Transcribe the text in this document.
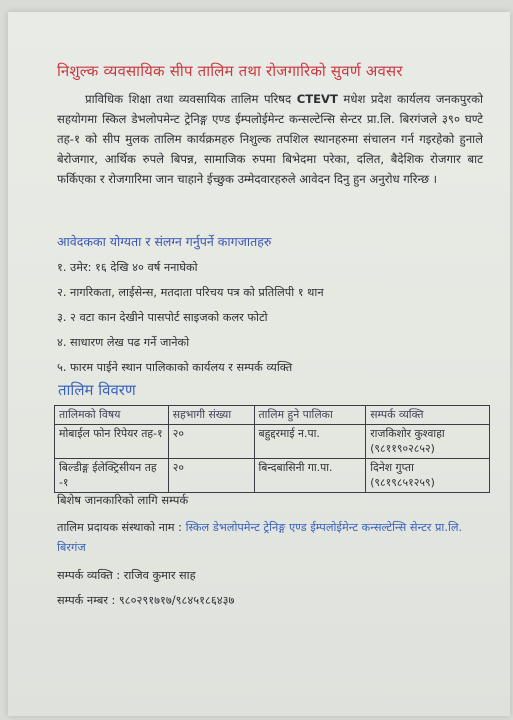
निशुल्क व्यवसायिक सीप तालिम तथा रोजगारिको सुवर्ण अवसर
प्राविधिक शिक्षा तथा व्यवसायिक तालिम परिषद CTEVT मधेश प्रदेश कार्यलय जनकपुरको सहयोगमा स्किल डेभलोपमेन्ट ट्रेनिङ्ग एण्ड ईम्पलोईमेन्ट कन्सल्टेन्सि सेन्टर प्रा.लि. बिरगंजले ३९० घण्टे तह-१ को सीप मुलक तालिम कार्यक्रमहरु निशुल्क तपशिल स्थानहरुमा संचालन गर्न गइरहेको हुनाले बेरोजगार, आर्थिक रुपले बिपन्न, सामाजिक रुपमा बिभेदमा परेका, दलित, बैदेशिक रोजगार बाट फर्किएका र रोजगारिमा जान चाहाने ईच्छुक उम्मेदवारहरुले आवेदन दिनु हुन अनुरोध गरिन्छ ।
आवेदकका योग्यता र संलग्न गर्नुपर्ने कागजातहरु
१. उमेर: १६ देखि ४० वर्ष ननाघेको
२. नागरिकता, लाईसेन्स, मतदाता परिचय पत्र को प्रतिलिपी १ थान
३. २ वटा कान देखीने पासपोर्ट साइजको कलर फोटो
४. साधारण लेख पढ गर्ने जानेको
५. फारम पाईने स्थान पालिकाको कार्यलय र सम्पर्क व्यक्ति
तालिम विवरण
तालिमको विषय	सहभागी संख्या	तालिम हुने पालिका	सम्पर्क व्यक्ति
मोबाईल फोन रिपेयर तह-१	२०	बहुद्दरमाई न.पा.	राजकिशोर कुश्वाहा
(९८११९०२८५२)
बिल्डीङ्ग ईलेक्ट्रिसीयन तह -१	२०	बिन्दबासिनी गा.पा.	दिनेश गुप्ता
(९८१९८५१२५९)
बिशेष जानकारिको लागि सम्पर्क
तालिम प्रदायक संस्थाको नाम : स्किल डेभलोपमेन्ट ट्रेनिङ्ग एण्ड ईम्पलोईमेन्ट कन्सल्टेन्सि सेन्टर प्रा.लि. बिरगंज
सम्पर्क व्यक्ति : राजिव कुमार साह
सम्पर्क नम्बर : ९८०२९१७१७/९८४५१८६४३७
